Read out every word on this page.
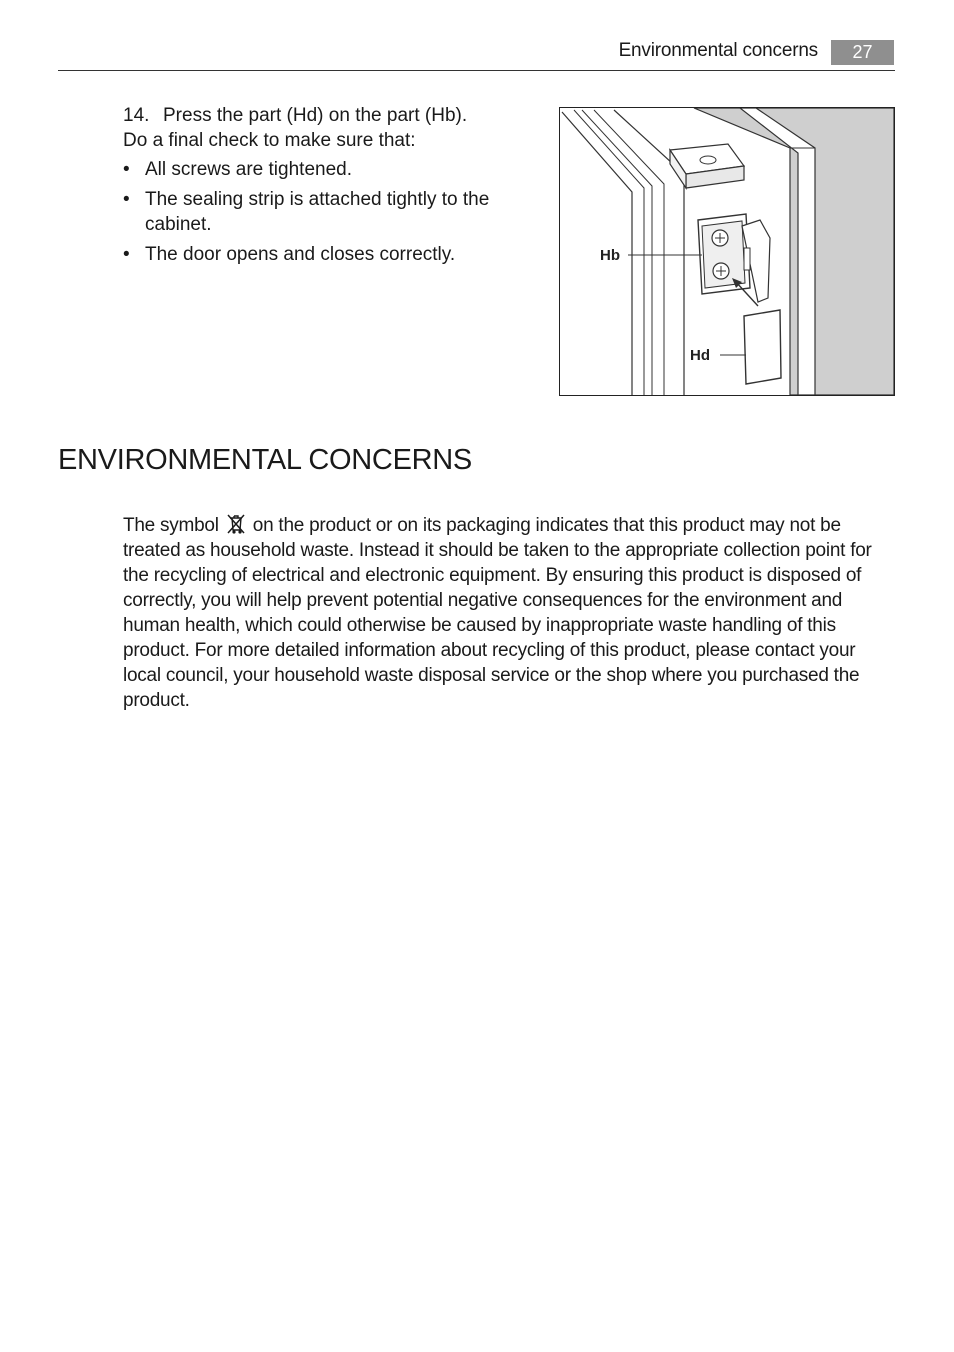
Environmental concerns	27
14. Press the part (Hd) on the part (Hb).
Do a final check to make sure that:
• All screws are tightened.
• The sealing strip is attached tightly to the cabinet.
• The door opens and closes correctly.	Hb
Hd
ENVIRONMENTAL CONCERNS

The symbol on the product or on its packaging indicates that this product may not be treated as household waste. Instead it should be taken to the appropriate collection point for the recycling of electrical and electronic equipment. By ensuring this product is disposed of correctly, you will help prevent potential negative consequences for the environment and human health, which could otherwise be caused by inappropriate waste handling of this product. For more detailed information about recycling of this product, please contact your local council, your household waste disposal service or the shop where you purchased the product.
